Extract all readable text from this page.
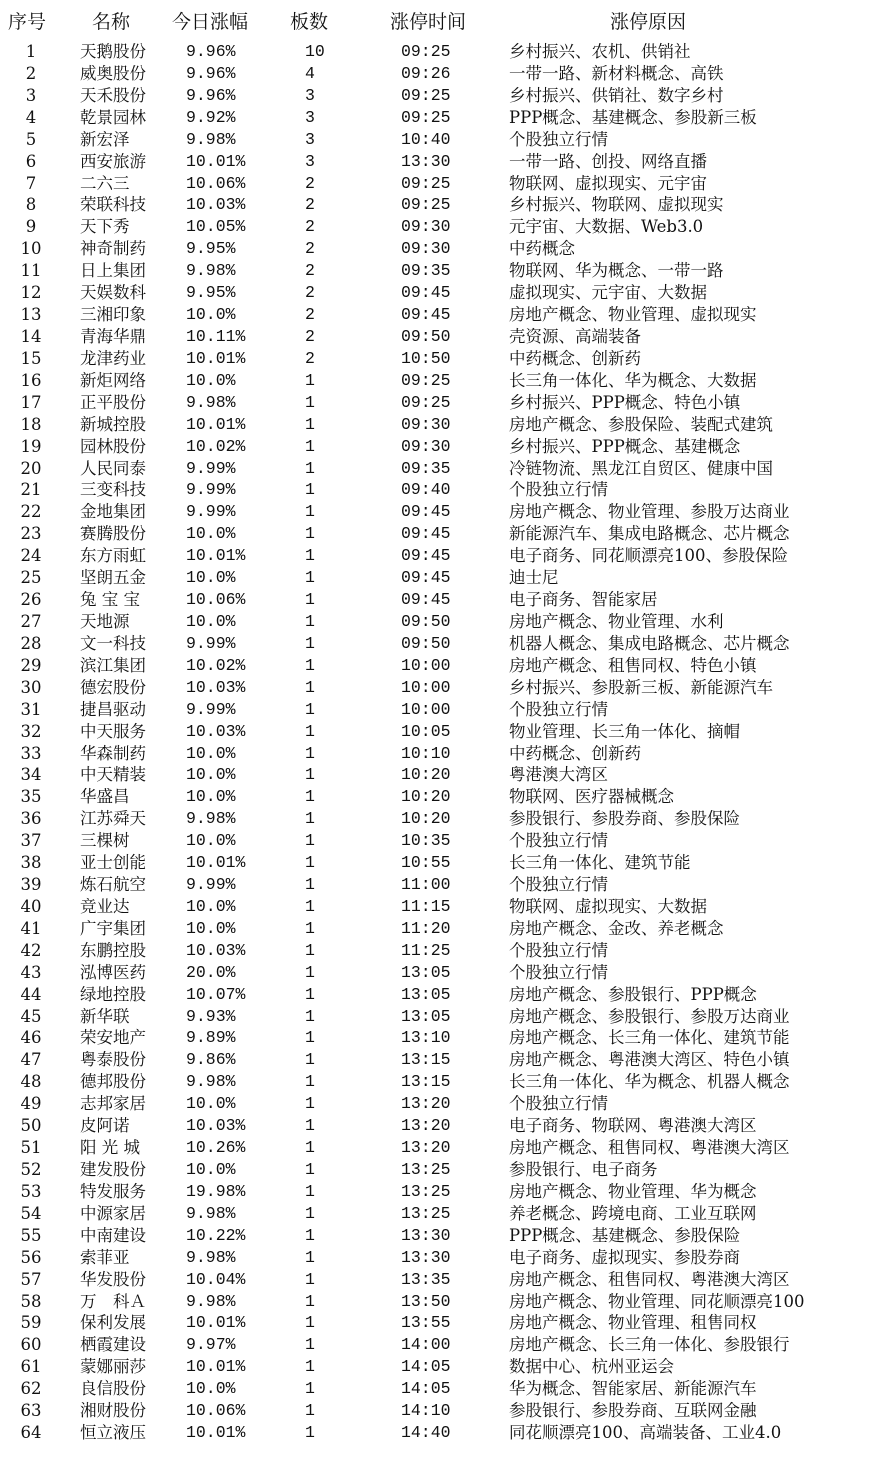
序号 名称 今日涨幅 板数	涨停时间	涨停原因
1	天鹅股份 9.96%	10	09:25	乡村振兴、农机、供销社
2	威奥股份 9.96%	4	09:26	一带一路、新材料概念、高铁
3	天禾股份 9.96%	3	09:25	乡村振兴、供销社、数字乡村
4	乾景园林 9.92%	3	09:25	PPP概念、基建概念、参股新三板
5	新宏泽	9.98%	3	10:40	个股独立行情
6	西安旅游 10.01%	3	13:30	一带一路、创投、网络直播
7	二六三	10.06%	2	09:25	物联网、虚拟现实、元宇宙
8	荣联科技 10.03%	2	09:25	乡村振兴、物联网、虚拟现实
9	天下秀	10.05%	2	09:30	元宇宙、大数据、Web3.0
10	神奇制药 9.95%	2	09:30	中药概念
11	日上集团 9.98%	2	09:35	物联网、华为概念、一带一路
12	天娱数科 9.95%	2	09:45	虚拟现实、元宇宙、大数据
13	三湘印象 10.0%	2	09:45	房地产概念、物业管理、虚拟现实
14	青海华鼎 10.11%	2	09:50	壳资源、高端装备
15	龙津药业 10.01%	2	10:50	中药概念、创新药
16	新炬网络 10.0%	1	09:25	长三角一体化、华为概念、大数据
17	正平股份 9.98%	1	09:25	乡村振兴、PPP概念、特色小镇
18	新城控股 10.01%	1	09:30	房地产概念、参股保险、装配式建筑
19	园林股份 10.02%	1	09:30	乡村振兴、PPP概念、基建概念
20	人民同泰 9.99%	1	09:35	冷链物流、黑龙江自贸区、健康中国
21	三变科技 9.99%	1	09:40	个股独立行情
22	金地集团 9.99%	1	09:45	房地产概念、物业管理、参股万达商业
23	赛腾股份 10.0%	1	09:45	新能源汽车、集成电路概念、芯片概念
24	东方雨虹 10.01%	1	09:45	电子商务、同花顺漂亮100、参股保险
25	坚朗五金 10.0%	1	09:45	迪士尼
26	兔 宝 宝	10.06%	1	09:45	电子商务、智能家居
27	天地源	10.0%	1	09:50	房地产概念、物业管理、水利
28	文一科技 9.99%	1	09:50	机器人概念、集成电路概念、芯片概念
29	滨江集团 10.02%	1	10:00	房地产概念、租售同权、特色小镇
30	德宏股份 10.03%	1	10:00	乡村振兴、参股新三板、新能源汽车
31	捷昌驱动 9.99%	1	10:00	个股独立行情
32	中天服务 10.03%	1	10:05	物业管理、长三角一体化、摘帽
33	华森制药 10.0%	1	10:10	中药概念、创新药
34	中天精装 10.0%	1	10:20	粤港澳大湾区
35	华盛昌	10.0%	1	10:20	物联网、医疗器械概念
36	江苏舜天 9.98%	1	10:20	参股银行、参股券商、参股保险
37	三棵树	10.0%	1	10:35	个股独立行情
38	亚士创能 10.01%	1	10:55	长三角一体化、建筑节能
39	炼石航空 9.99%	1	11:00	个股独立行情
40	竞业达	10.0%	1	11:15	物联网、虚拟现实、大数据
41	广宇集团 10.0%	1	11:20	房地产概念、金改、养老概念
42	东鹏控股 10.03%	1	11:25	个股独立行情
43	泓博医药 20.0%	1	13:05	个股独立行情
44	绿地控股 10.07%	1	13:05	房地产概念、参股银行、PPP概念
45	新华联	9.93%	1	13:05	房地产概念、参股银行、参股万达商业
46	荣安地产 9.89%	1	13:10	房地产概念、长三角一体化、建筑节能
47	粤泰股份 9.86%	1	13:15	房地产概念、粤港澳大湾区、特色小镇
48	德邦股份 9.98%	1	13:15	长三角一体化、华为概念、机器人概念
49	志邦家居 10.0%	1	13:20	个股独立行情
50	皮阿诺	10.03%	1	13:20	电子商务、物联网、粤港澳大湾区
51	阳 光 城	10.26%	1	13:20	房地产概念、租售同权、粤港澳大湾区
52	建发股份 10.0%	1	13:25	参股银行、电子商务
53	特发服务 19.98%	1	13:25	房地产概念、物业管理、华为概念
54	中源家居 9.98%	1	13:25	养老概念、跨境电商、工业互联网
55	中南建设 10.22%	1	13:30	PPP概念、基建概念、参股保险
56	索菲亚	9.98%	1	13:30	电子商务、虚拟现实、参股券商
57	华发股份 10.04%	1	13:35	房地产概念、租售同权、粤港澳大湾区
58	万　科Ａ 9.98%	1	13:50	房地产概念、物业管理、同花顺漂亮100
59	保利发展 10.01%	1	13:55	房地产概念、物业管理、租售同权
60	栖霞建设 9.97%	1	14:00	房地产概念、长三角一体化、参股银行
61	蒙娜丽莎 10.01%	1	14:05	数据中心、杭州亚运会
62	良信股份 10.0%	1	14:05	华为概念、智能家居、新能源汽车
63	湘财股份 10.06%	1	14:10	参股银行、参股券商、互联网金融
64	恒立液压 10.01%	1	14:40	同花顺漂亮100、高端装备、工业4.0
